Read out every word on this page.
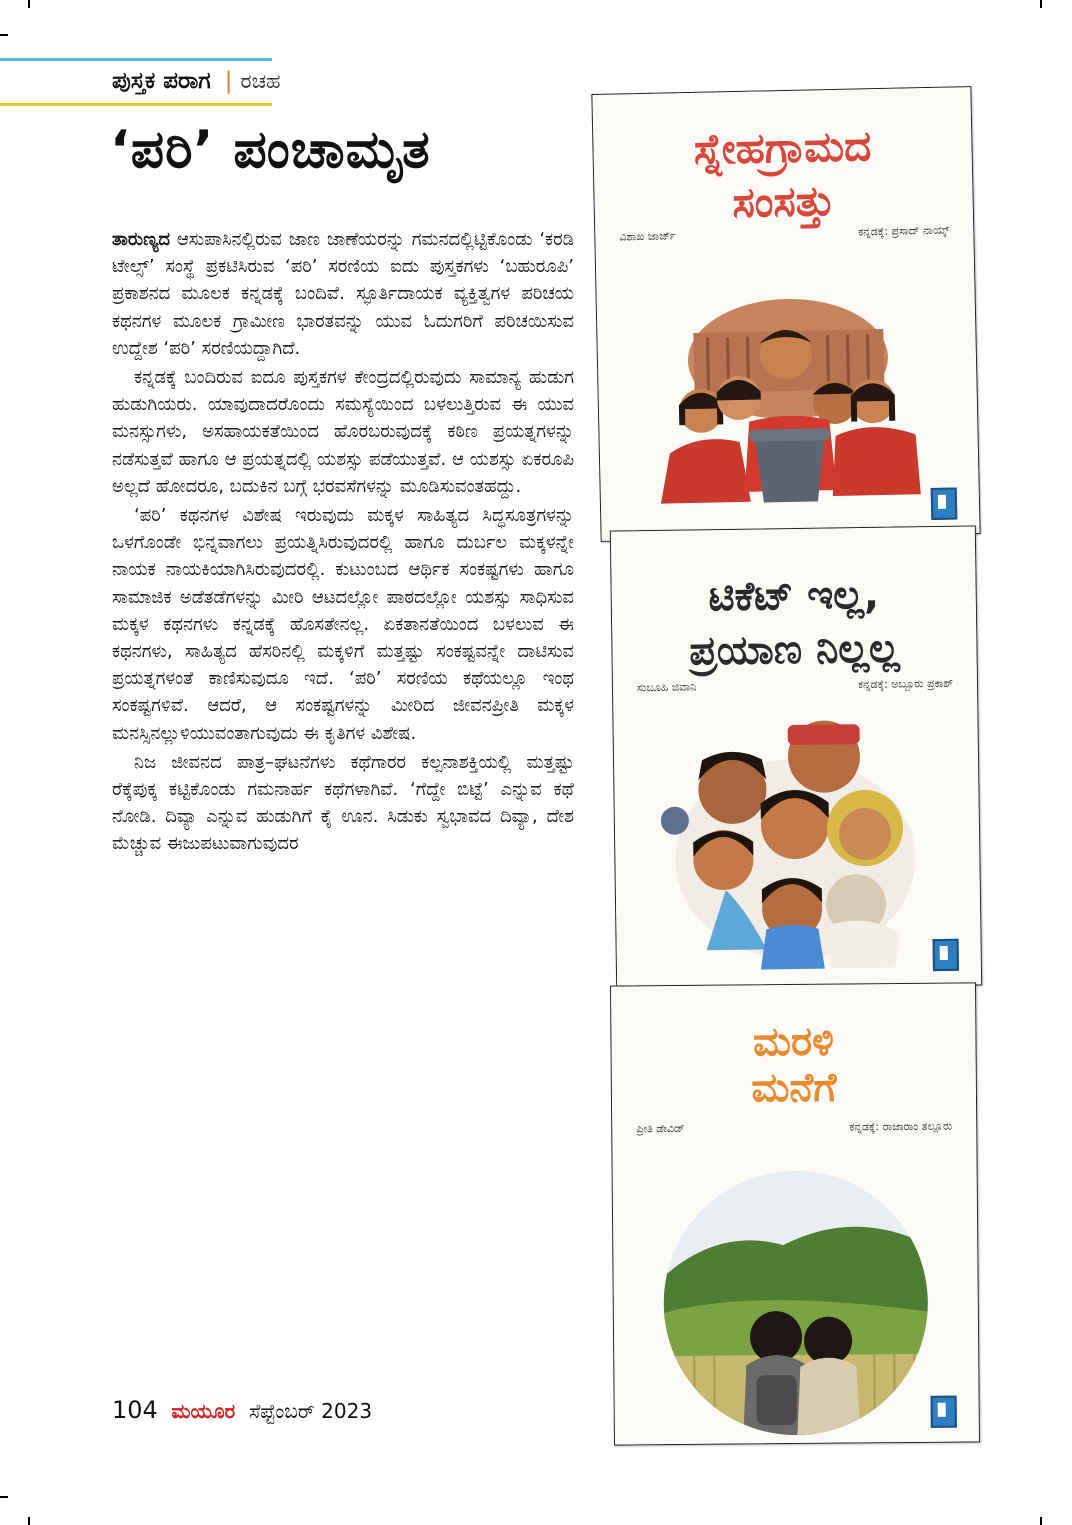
ಪುಸ್ತಕ ಪರಾಗ | ರಚಹ
‘ಪರಿ’ ಪಂಚಾಮೃತ

ತಾರುಣ್ಯದ ಆಸುಪಾಸಿನಲ್ಲಿರುವ ಜಾಣ ಜಾಣೆಯರನ್ನು ಗಮನದಲ್ಲಿಟ್ಟಿಕೊಂಡು ‘ಕರಡಿ ಟೇಲ್ಸ್’ ಸಂಸ್ಥೆ ಪ್ರಕಟಿಸಿರುವ ‘ಪರಿ’ ಸರಣಿಯ ಐದು ಪುಸ್ತಕಗಳು ‘ಬಹುರೂಪಿ’ ಪ್ರಕಾಶನದ ಮೂಲಕ ಕನ್ನಡಕ್ಕೆ ಬಂದಿವೆ. ಸ್ಫೂರ್ತಿದಾಯಕ ವ್ಯಕ್ತಿತ್ವಗಳ ಪರಿಚಯ ಕಥನಗಳ ಮೂಲಕ ಗ್ರಾಮೀಣ ಭಾರತವನ್ನು ಯುವ ಓದುಗರಿಗೆ ಪರಿಚಯಿಸುವ ಉದ್ದೇಶ ‘ಪರಿ’ ಸರಣಿಯದ್ದಾಗಿದೆ.

ಕನ್ನಡಕ್ಕೆ ಬಂದಿರುವ ಐದೂ ಪುಸ್ತಕಗಳ ಕೇಂದ್ರದಲ್ಲಿರುವುದು ಸಾಮಾನ್ಯ ಹುಡುಗ ಹುಡುಗಿಯರು. ಯಾವುದಾದರೊಂದು ಸಮಸ್ಯೆಯಿಂದ ಬಳಲುತ್ತಿರುವ ಈ ಯುವ ಮನಸ್ಸುಗಳು, ಅಸಹಾಯಕತೆಯಿಂದ ಹೊರಬರುವುದಕ್ಕೆ ಕಠಿಣ ಪ್ರಯತ್ನಗಳನ್ನು ನಡೆಸುತ್ತವೆ ಹಾಗೂ ಆ ಪ್ರಯತ್ನದಲ್ಲಿ ಯಶಸ್ಸು ಪಡೆಯುತ್ತವೆ. ಆ ಯಶಸ್ಸು ಏಕರೂಪಿ ಅಲ್ಲದೆ ಹೋದರೂ, ಬದುಕಿನ ಬಗ್ಗೆ ಭರವಸೆಗಳನ್ನು ಮೂಡಿಸುವಂತಹದ್ದು.

‘ಪರಿ’ ಕಥನಗಳ ವಿಶೇಷ ಇರುವುದು ಮಕ್ಕಳ ಸಾಹಿತ್ಯದ ಸಿದ್ಧಸೂತ್ರಗಳನ್ನು ಒಳಗೊಂಡೇ ಭಿನ್ನವಾಗಲು ಪ್ರಯತ್ನಿಸಿರುವುದರಲ್ಲಿ ಹಾಗೂ ದುರ್ಬಲ ಮಕ್ಕಳನ್ನೇ ನಾಯಕ ನಾಯಕಿಯಾಗಿಸಿರುವುದರಲ್ಲಿ. ಕುಟುಂಬದ ಆರ್ಥಿಕ ಸಂಕಷ್ಟಗಳು ಹಾಗೂ ಸಾಮಾಜಿಕ ಅಡೆತಡೆಗಳನ್ನು ಮೀರಿ ಆಟದಲ್ಲೋ ಪಾಠದಲ್ಲೋ ಯಶಸ್ಸು ಸಾಧಿಸುವ ಮಕ್ಕಳ ಕಥನಗಳು ಕನ್ನಡಕ್ಕೆ ಹೊಸತೇನಲ್ಲ. ಏಕತಾನತೆಯಿಂದ ಬಳಲುವ ಈ ಕಥನಗಳು, ಸಾಹಿತ್ಯದ ಹೆಸರಿನಲ್ಲಿ ಮಕ್ಕಳಿಗೆ ಮತ್ತಷ್ಟು ಸಂಕಷ್ಟವನ್ನೇ ದಾಟಿಸುವ ಪ್ರಯತ್ನಗಳಂತೆ ಕಾಣಿಸುವುದೂ ಇದೆ. ‘ಪರಿ’ ಸರಣಿಯ ಕಥೆಯಲ್ಲೂ ಇಂಥ ಸಂಕಷ್ಟಗಳಿವೆ. ಆದರೆ, ಆ ಸಂಕಷ್ಟಗಳನ್ನು ಮೀರಿದ ಜೀವನಪ್ರೀತಿ ಮಕ್ಕಳ ಮನಸ್ಸಿನಲ್ಲುಳಿಯುವಂತಾಗುವುದು ಈ ಕೃತಿಗಳ ವಿಶೇಷ.

ನಿಜ ಜೀವನದ ಪಾತ್ರ–ಘಟನೆಗಳು ಕಥೆಗಾರರ ಕಲ್ಪನಾಶಕ್ತಿಯಲ್ಲಿ ಮತ್ತಷ್ಟು ರೆಕ್ಕೆಪುಕ್ಕ ಕಟ್ಟಿಕೊಂಡು ಗಮನಾರ್ಹ ಕಥೆಗಳಾಗಿವೆ. ‘ಗೆದ್ದೇ ಬಿಟ್ಟೆ’ ಎನ್ನುವ ಕಥೆ ನೋಡಿ. ದಿವ್ಯಾ ಎನ್ನುವ ಹುಡುಗಿಗೆ ಕೈ ಊನ. ಸಿಡುಕು ಸ್ವಭಾವದ ದಿವ್ಯಾ, ದೇಶ ಮೆಚ್ಚುವ ಈಜುಪಟುವಾಗುವುದರ

ಸ್ನೇಹಗ್ರಾಮದ
ಸಂಸತ್ತು
ವಿಶಾಖ ಜಾರ್ಜ್	ಕನ್ನಡಕ್ಕೆ: ಪ್ರಸಾದ್ ನಾಯ್ಕ್
ಟಿಕೆಟ್ ಇಲ್ಲ,
ಪ್ರಯಾಣ ನಿಲ್ಲಲ್ಲ
ಸುಬೂಹಿ ಜಿವಾನಿ	ಕನ್ನಡಕ್ಕೆ: ಅಬ್ಬೂರು ಪ್ರಕಾಶ್
ಮರಳಿ
ಮನೆಗೆ
ಪ್ರೀತಿ ಡೇವಿಡ್	ಕನ್ನಡಕ್ಕೆ: ರಾಜಾರಾಂ ತಲ್ಲೂರು
104 ಮಯೂರ ಸೆಪ್ಟೆಂಬರ್ 2023
